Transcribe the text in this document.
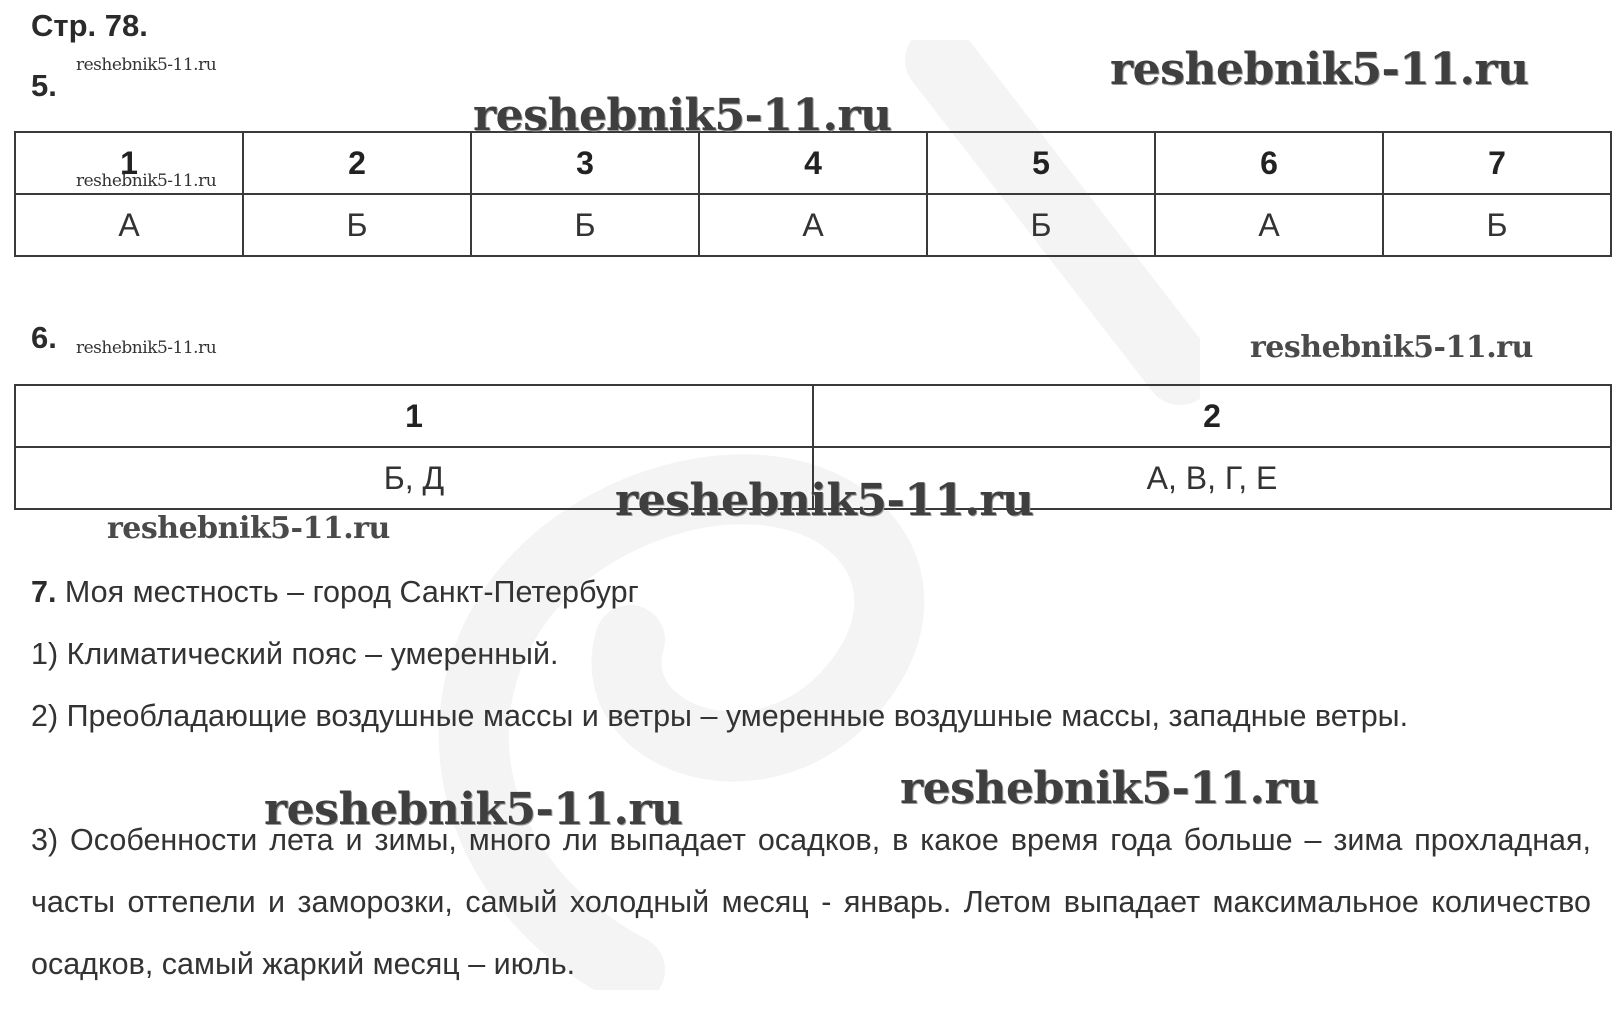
Стр. 78.
5.
1	2	3	4	5	6	7
А	Б	Б	А	Б	А	Б
6.
1	2
Б, Д	А, В, Г, Е
7. Моя местность – город Санкт-Петербург
1) Климатический пояс – умеренный.
2) Преобладающие воздушные массы и ветры – умеренные воздушные массы, западные ветры.
3) Особенности лета и зимы, много ли выпадает осадков, в какое время года больше – зима прохладная, часты оттепели и заморозки, самый холодный месяц - январь. Летом выпадает максимальное количество осадков, самый жаркий месяц – июль.
reshebnik5-11.ru	reshebnik5-11.ru
reshebnik5-11.ru
reshebnik5-11.ru
reshebnik5-11.ru	reshebnik5-11.ru
reshebnik5-11.ru
reshebnik5-11.ru
reshebnik5-11.ru	reshebnik5-11.ru
